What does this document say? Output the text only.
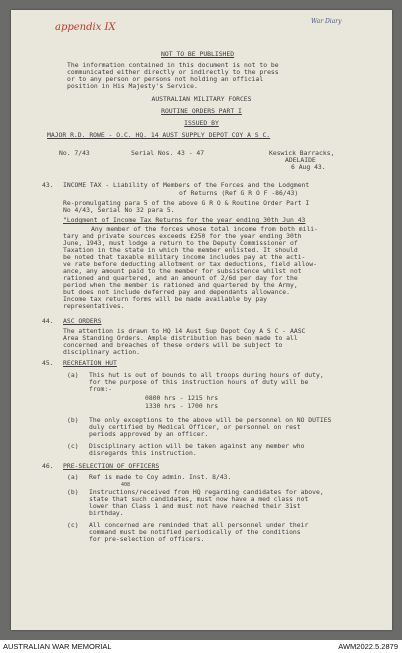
appendix IX
War Diary
NOT TO BE PUBLISHED
The information contained in this document is not to be
communicated either directly or indirectly to the press
or to any person or persons not holding an official
position in His Majesty's Service.
AUSTRALIAN MILITARY FORCES
ROUTINE ORDERS PART I
ISSUED BY
MAJOR R.D. ROWE - O.C. HQ. 14 AUST SUPPLY DEPOT COY A S C.
No. 7/43	Serial Nos. 43 - 47	Keswick Barracks,
ADELAIDE
6 Aug 43.
43. INCOME TAX - Liability of Members of the Forces and the Lodgment
of Returns (Ref G R O F -86/43)
Re-promulgating para 5 of the above G R O & Routine Order Part I
No 4/43, Serial No 32 para 5.
"Lodgment of Income Tax Returns for the year ending 30th Jun 43
Any member of the forces whose total income from both mili-
tary and private sources exceeds £250 for the year ending 30th
June, 1943, must lodge a return to the Deputy Commissioner of
Taxation in the state in which the member enlisted. It should
be noted that taxable military income includes pay at the acti-
ve rate before deducting allotment or tax deductions, field allow-
ance, any amount paid to the member for subsistence whilst not
rationed and quartered, and an amount of 2/6d per day for the
period when the member is rationed and quartered by the Army,
but does not include deferred pay and dependants allowance.
Income tax return forms will be made available by pay
representatives.
44. ASC ORDERS
The attention is drawn to HQ 14 Aust Sup Depot Coy A S C - AASC
Area Standing Orders. Ample distribution has been made to all
concerned and breaches of these orders will be subject to
disciplinary action.
45. RECREATION HUT
(a) This hut is out of bounds to all troops during hours of duty,
for the purpose of this instruction hours of duty will be
from:-
0800 hrs - 1215 hrs
1330 hrs - 1700 hrs
(b) The only exceptions to the above will be personnel on NO DUTIES
duly certified by Medical Officer, or personnel on rest
periods approved by an officer.
(c) Disciplinary action will be taken against any member who
disregards this instruction.
46. PRE-SELECTION OF OFFICERS
(a) Ref is made to Coy admin. Inst. 8/43.
408
(b) Instructions/received from HQ regarding candidates for above,
state that such candidates, must now have a med class not
lower than Class 1 and must not have reached their 31st
birthday.
(c) All concerned are reminded that all personnel under their
command must be notified periodically of the conditions
for pre-selection of officers.
AUSTRALIAN WAR MEMORIAL	AWM2022.5.2879
